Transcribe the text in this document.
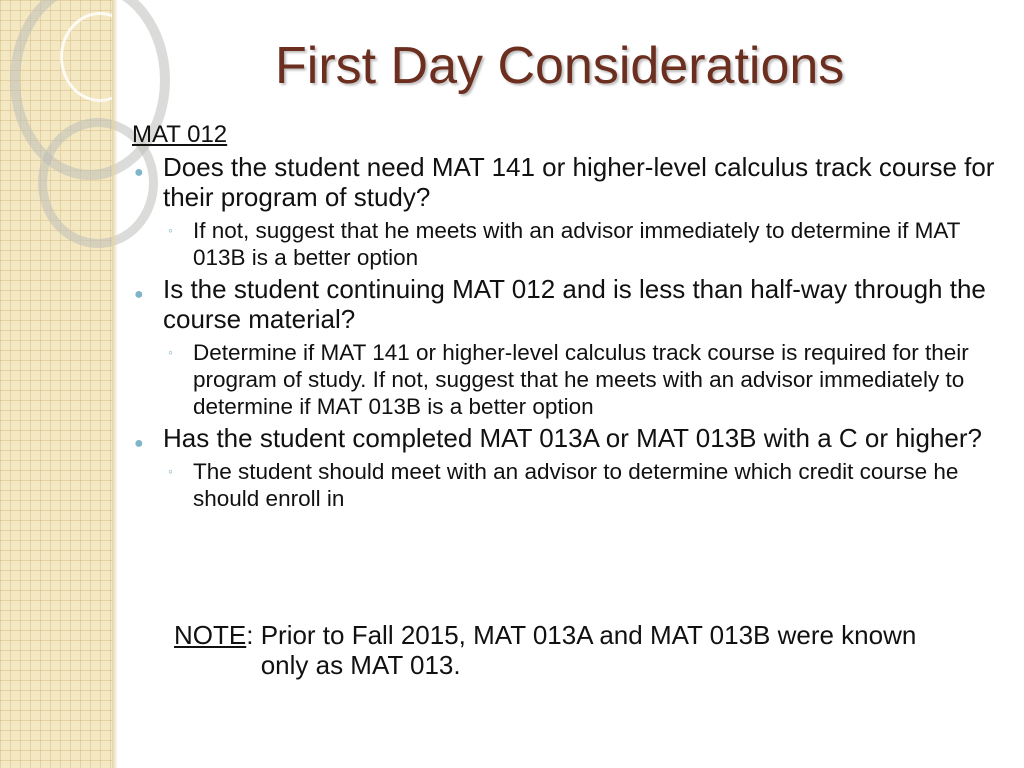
First Day Considerations
MAT 012
● Does the student need MAT 141 or higher-level calculus track course for their program of study?
◦ If not, suggest that he meets with an advisor immediately to determine if MAT 013B is a better option
● Is the student continuing MAT 012 and is less than half-way through the course material?
◦ Determine if MAT 141 or higher-level calculus track course is required for their program of study. If not, suggest that he meets with an advisor immediately to determine if MAT 013B is a better option
● Has the student completed MAT 013A or MAT 013B with a C or higher?
◦ The student should meet with an advisor to determine which credit course he should enroll in
NOTE: Prior to Fall 2015, MAT 013A and MAT 013B were known only as MAT 013.
